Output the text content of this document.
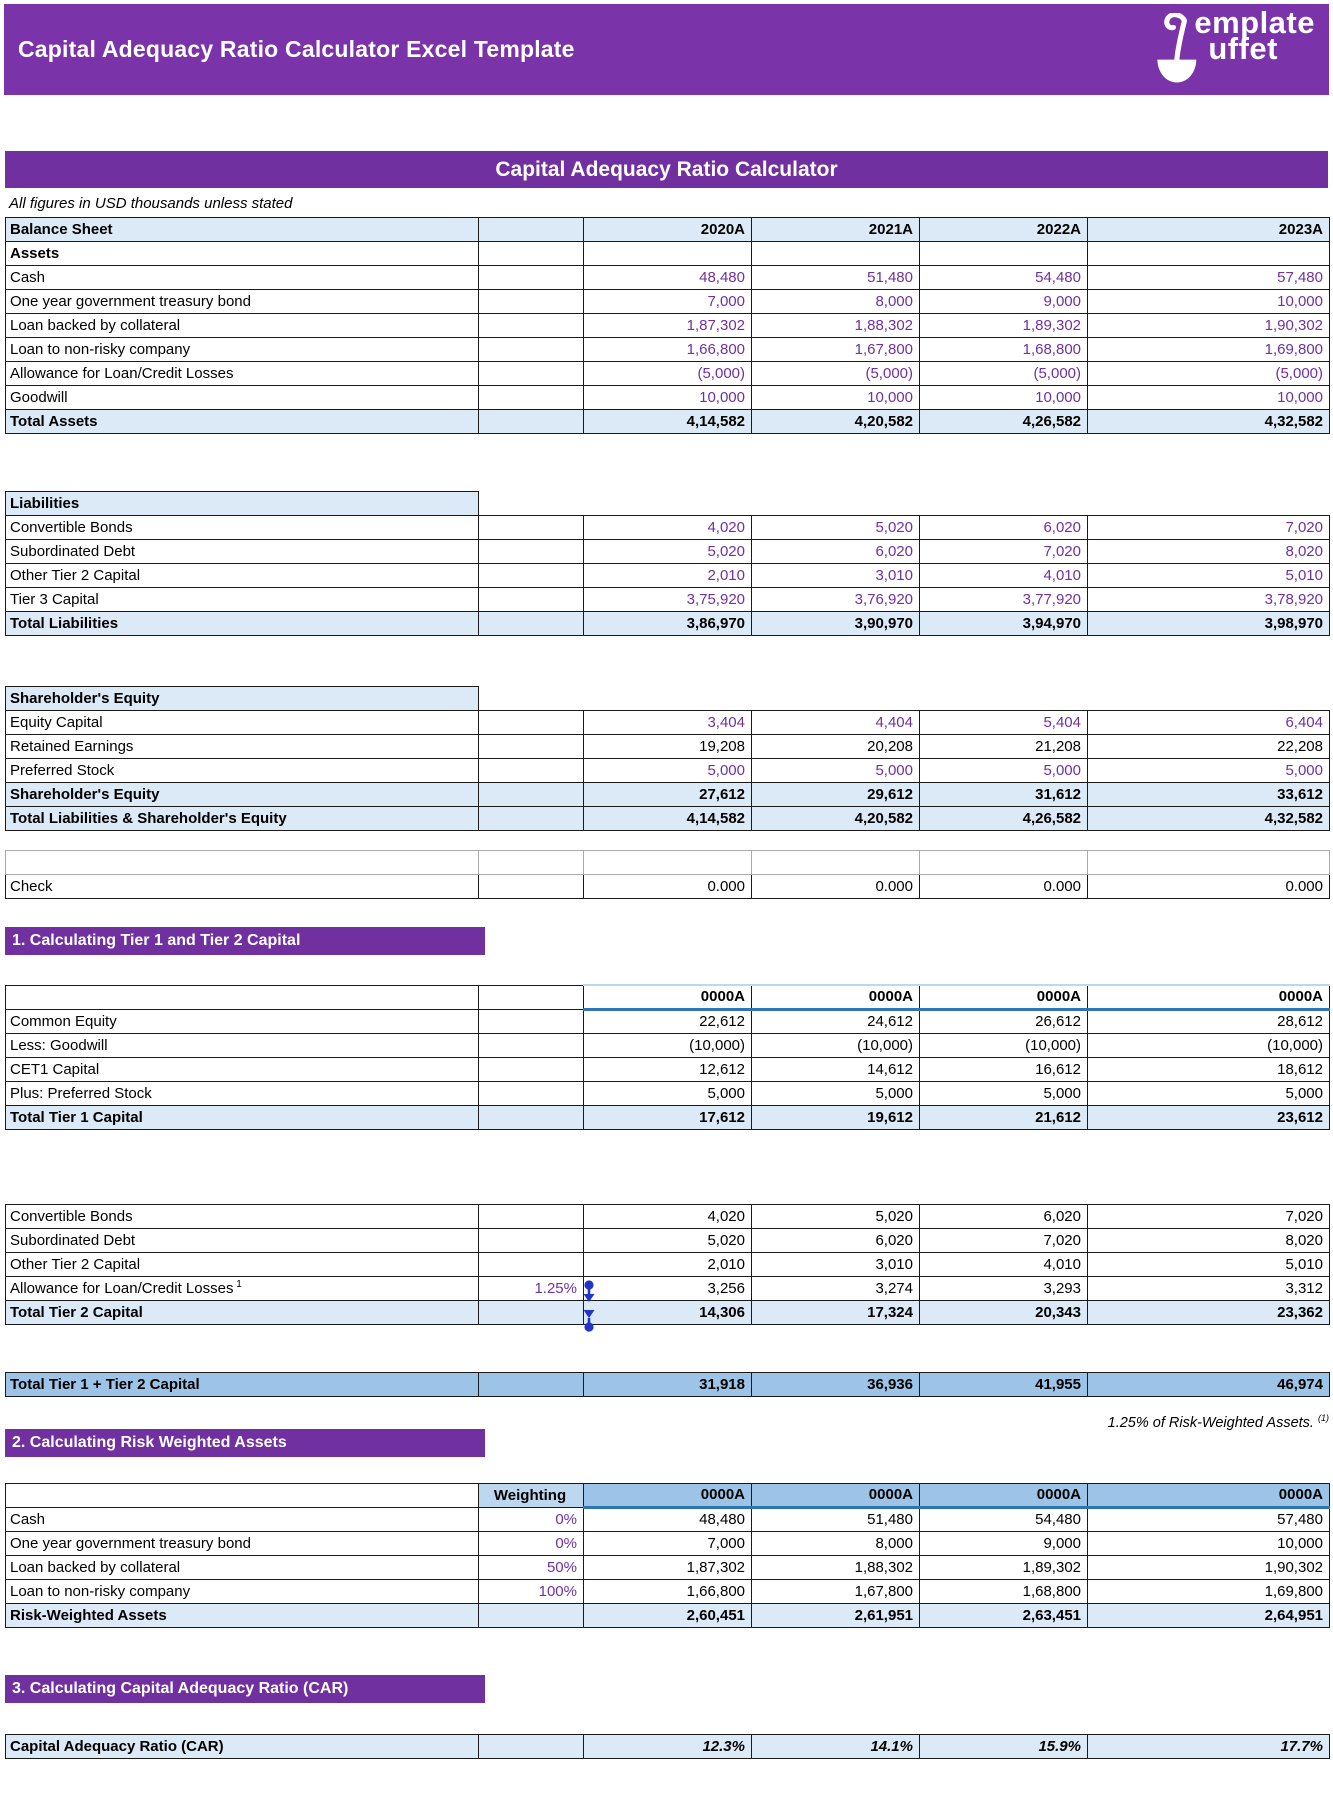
Capital Adequacy Ratio Calculator Excel Template
emplate
uffet
Capital Adequacy Ratio Calculator
All figures in USD thousands unless stated
Balance Sheet		2020A	2021A	2022A	2023A
Assets					
Cash		48,480	51,480	54,480	57,480
One year government treasury bond		7,000	8,000	9,000	10,000
Loan backed by collateral		1,87,302	1,88,302	1,89,302	1,90,302
Loan to non-risky company		1,66,800	1,67,800	1,68,800	1,69,800
Allowance for Loan/Credit Losses		(5,000)	(5,000)	(5,000)	(5,000)
Goodwill		10,000	10,000	10,000	10,000
Total Assets		4,14,582	4,20,582	4,26,582	4,32,582
Liabilities					
Convertible Bonds		4,020	5,020	6,020	7,020
Subordinated Debt		5,020	6,020	7,020	8,020
Other Tier 2 Capital		2,010	3,010	4,010	5,010
Tier 3 Capital		3,75,920	3,76,920	3,77,920	3,78,920
Total Liabilities		3,86,970	3,90,970	3,94,970	3,98,970
Shareholder's Equity					
Equity Capital		3,404	4,404	5,404	6,404
Retained Earnings		19,208	20,208	21,208	22,208
Preferred Stock		5,000	5,000	5,000	5,000
Shareholder's Equity		27,612	29,612	31,612	33,612
Total Liabilities & Shareholder's Equity		4,14,582	4,20,582	4,26,582	4,32,582

Check		0.000	0.000	0.000	0.000
1. Calculating Tier 1 and Tier 2 Capital
		0000A	0000A	0000A	0000A
Common Equity		22,612	24,612	26,612	28,612
Less: Goodwill		(10,000)	(10,000)	(10,000)	(10,000)
CET1 Capital		12,612	14,612	16,612	18,612
Plus: Preferred Stock		5,000	5,000	5,000	5,000
Total Tier 1 Capital		17,612	19,612	21,612	23,612
Convertible Bonds		4,020	5,020	6,020	7,020
Subordinated Debt		5,020	6,020	7,020	8,020
Other Tier 2 Capital		2,010	3,010	4,010	5,010
Allowance for Loan/Credit Losses $^1$	1.25%	3,256	3,274	3,293	3,312
Total Tier 2 Capital		14,306	17,324	20,343	23,362
Total Tier 1 + Tier 2 Capital		31,918	36,936	41,955	46,974
1.25% of Risk-Weighted Assets. $^{(1)}$
2. Calculating Risk Weighted Assets
	Weighting	0000A	0000A	0000A	0000A
Cash	0%	48,480	51,480	54,480	57,480
One year government treasury bond	0%	7,000	8,000	9,000	10,000
Loan backed by collateral	50%	1,87,302	1,88,302	1,89,302	1,90,302
Loan to non-risky company	100%	1,66,800	1,67,800	1,68,800	1,69,800
Risk-Weighted Assets		2,60,451	2,61,951	2,63,451	2,64,951
3. Calculating Capital Adequacy Ratio (CAR)
Capital Adequacy Ratio (CAR)		12.3%	14.1%	15.9%	17.7%
